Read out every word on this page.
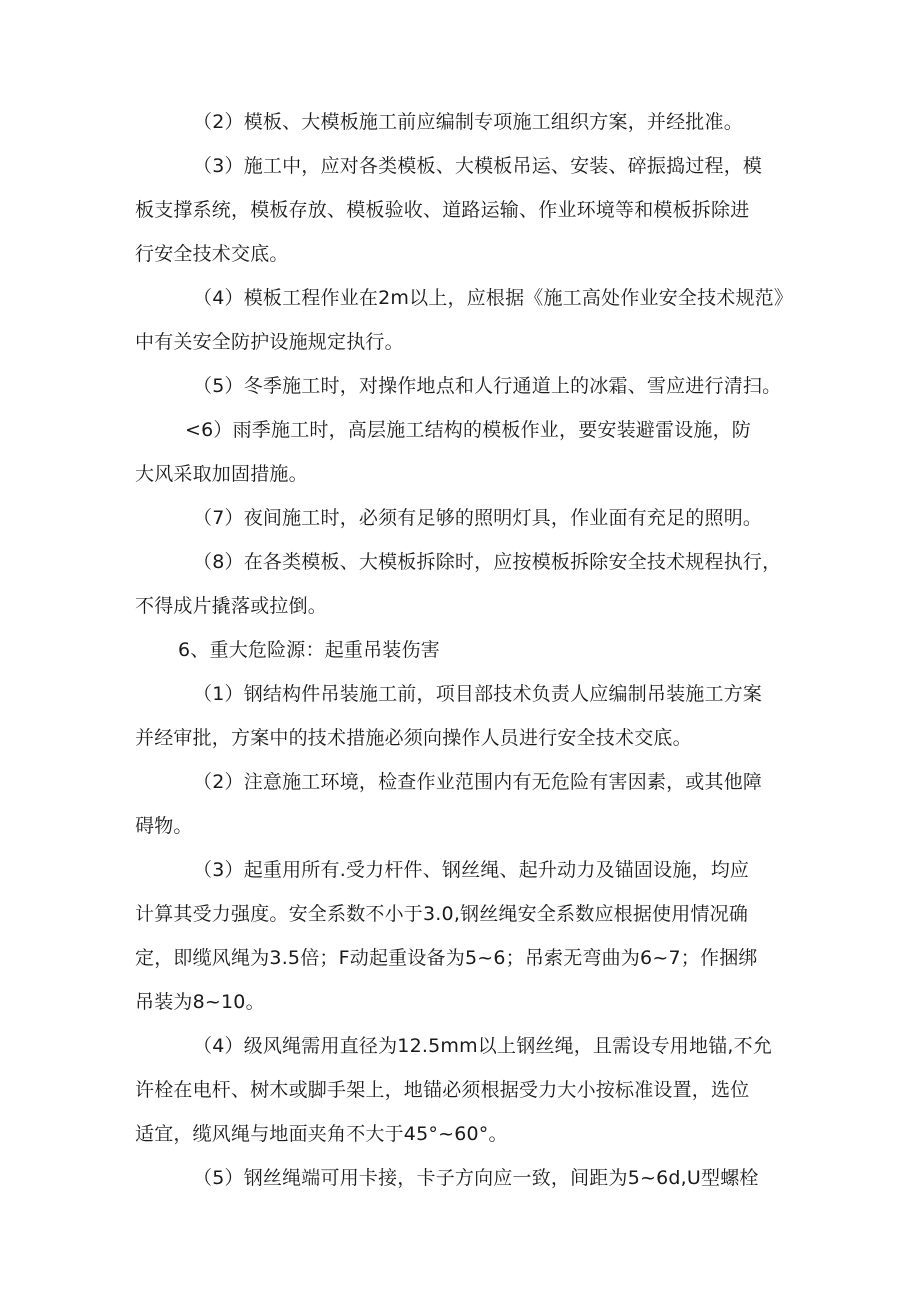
（2）模板、大模板施工前应编制专项施工组织方案，并经批准。
（3）施工中，应对各类模板、大模板吊运、安装、碎振捣过程，模
板支撑系统，模板存放、模板验收、道路运输、作业环境等和模板拆除进
行安全技术交底。
（4）模板工程作业在2m以上，应根据《施工高处作业安全技术规范》
中有关安全防护设施规定执行。
（5）冬季施工时，对操作地点和人行通道上的冰霜、雪应进行清扫。
<6）雨季施工时，高层施工结构的模板作业，要安装避雷设施，防
大风采取加固措施。
（7）夜间施工时，必须有足够的照明灯具，作业面有充足的照明。
（8）在各类模板、大模板拆除时，应按模板拆除安全技术规程执行，
不得成片撬落或拉倒。
6、重大危险源：起重吊装伤害
（1）钢结构件吊装施工前，项目部技术负责人应编制吊装施工方案
并经审批，方案中的技术措施必须向操作人员进行安全技术交底。
（2）注意施工环境，检查作业范围内有无危险有害因素，或其他障
碍物。
（3）起重用所有.受力杆件、钢丝绳、起升动力及锚固设施，均应
计算其受力强度。安全系数不小于3.0,钢丝绳安全系数应根据使用情况确
定，即缆风绳为3.5倍；F动起重设备为5~6；吊索无弯曲为6~7；作捆绑
吊装为8~10。
（4）级风绳需用直径为12.5mm以上钢丝绳，且需设专用地锚,不允
许栓在电杆、树木或脚手架上，地锚必须根据受力大小按标准设置，选位
适宜，缆风绳与地面夹角不大于45°~60°。
（5）钢丝绳端可用卡接，卡子方向应一致，间距为5~6d,U型螺栓
